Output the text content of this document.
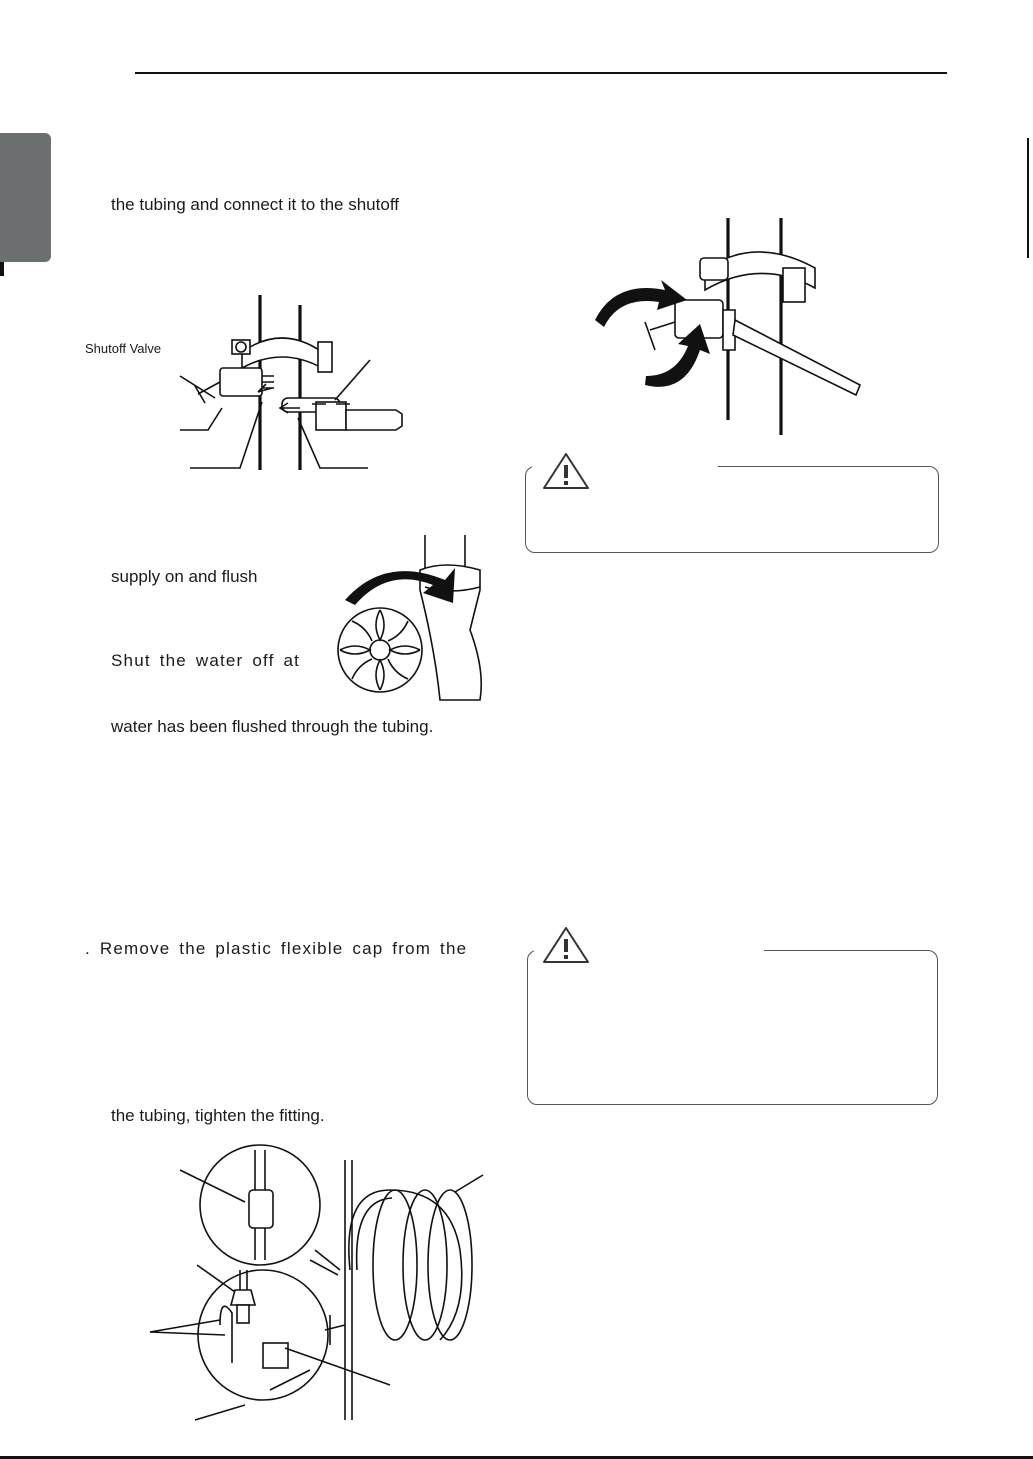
the tubing and connect it to the shutoff
Shutoff Valve
supply on and flush
Shut the water off at
water has been flushed through the tubing.
. Remove the plastic flexible cap from the
the tubing, tighten the fitting.
